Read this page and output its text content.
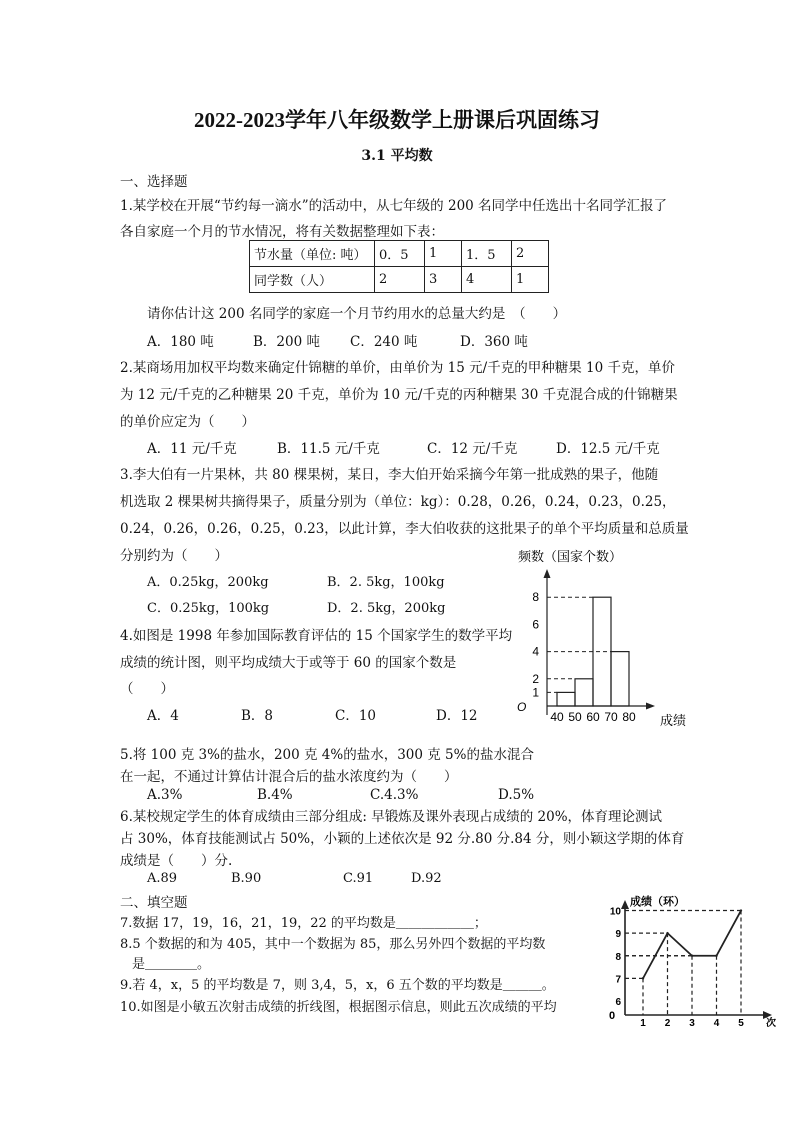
2022-2023学年八年级数学上册课后巩固练习
3.1 平均数
一、选择题
1.某学校在开展“节约每一滴水”的活动中，从七年级的 200 名同学中任选出十名同学汇报了
各自家庭一个月的节水情况，将有关数据整理如下表：
节水量（单位: 吨）	0．5	1	1．5	2
同学数（人）	2	3	4	1
请你估计这 200 名同学的家庭一个月节约用水的总量大约是　（　　）
A．180 吨	B．200 吨 C．240 吨	D．360 吨
2.某商场用加权平均数来确定什锦糖的单价，由单价为 15 元/千克的甲种糖果 10 千克，单价
为 12 元/千克的乙种糖果 20 千克，单价为 10 元/千克的丙种糖果 30 千克混合成的什锦糖果
的单价应定为（　　）
A．11 元/千克	B．11.5 元/千克	C．12 元/千克	D．12.5 元/千克
3.李大伯有一片果林，共 80 棵果树，某日，李大伯开始采摘今年第一批成熟的果子，他随
机选取 2 棵果树共摘得果子，质量分别为（单位：kg）：0.28，0.26，0.24，0.23，0.25，
0.24，0.26，0.26，0.25，0.23，以此计算，李大伯收获的这批果子的单个平均质量和总质量
分别约为（　　）
A．0.25kg，200kg	B．2. 5kg，100kg
C．0.25kg，100kg	D．2. 5kg，200kg
4.如图是 1998 年参加国际教育评估的 15 个国家学生的数学平均
成绩的统计图，则平均成绩大于或等于 60 的国家个数是
（　　）
A．4	B．8	C．10	D．12
频数（国家个数）
O
1
2
4
6
8
40 50 60 70 80 成绩
5.将 100 克 3%的盐水，200 克 4%的盐水，300 克 5%的盐水混合
在一起，不通过计算估计混合后的盐水浓度约为（　　）
A.3%	B.4%	C.4.3%	D.5%
6.某校规定学生的体育成绩由三部分组成: 早锻炼及课外表现占成绩的 20%，体育理论测试
占 30%，体育技能测试占 50%，小颖的上述依次是 92 分.80 分.84 分，则小颖这学期的体育
成绩是（　　）分.
A.89	B.90	C.91	D.92
二、填空题
7.数据 17，19，16，21，19，22 的平均数是＿＿＿＿＿＿；
8.5 个数据的和为 405，其中一个数据为 85，那么另外四个数据的平均数
是＿＿＿＿。
9.若 4，x，5 的平均数是 7，则 3,4，5，x，6 五个数的平均数是＿＿＿。
10.如图是小敏五次射击成绩的折线图，根据图示信息，则此五次成绩的平均
成绩（环）
0
次
6
7
8
9
10
1 2 3 4 5
